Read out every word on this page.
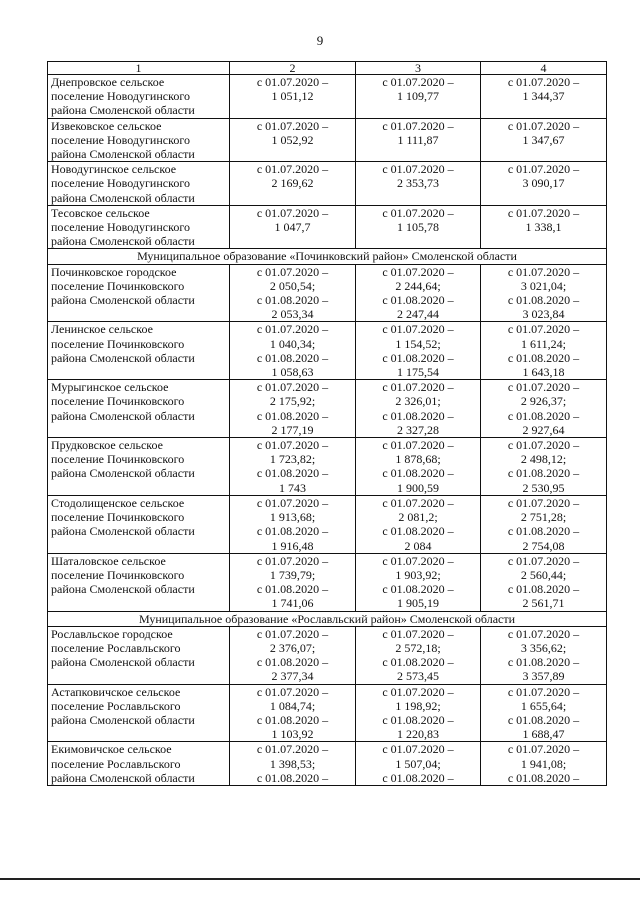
9
1	2	3	4

Днепровское сельское
поселение Новодугинского
района Смоленской области	с 01.07.2020 –
1 051,12	с 01.07.2020 –
1 109,77	с 01.07.2020 –
1 344,37

Извековское сельское
поселение Новодугинского
района Смоленской области	с 01.07.2020 –
1 052,92	с 01.07.2020 –
1 111,87	с 01.07.2020 –
1 347,67

Новодугинское сельское
поселение Новодугинского
района Смоленской области	с 01.07.2020 –
2 169,62	с 01.07.2020 –
2 353,73	с 01.07.2020 –
3 090,17

Тесовское сельское
поселение Новодугинского
района Смоленской области	с 01.07.2020 –
1 047,7	с 01.07.2020 –
1 105,78	с 01.07.2020 –
1 338,1

Муниципальное образование «Починковский район» Смоленской области			

Починковское городское
поселение Починковского
района Смоленской области	с 01.07.2020 –
2 050,54;
с 01.08.2020 –
2 053,34	с 01.07.2020 –
2 244,64;
с 01.08.2020 –
2 247,44	с 01.07.2020 –
3 021,04;
с 01.08.2020 –
3 023,84

Ленинское сельское
поселение Починковского
района Смоленской области	с 01.07.2020 –
1 040,34;
с 01.08.2020 –
1 058,63	с 01.07.2020 –
1 154,52;
с 01.08.2020 –
1 175,54	с 01.07.2020 –
1 611,24;
с 01.08.2020 –
1 643,18

Мурыгинское сельское
поселение Починковского
района Смоленской области	с 01.07.2020 –
2 175,92;
с 01.08.2020 –
2 177,19	с 01.07.2020 –
2 326,01;
с 01.08.2020 –
2 327,28	с 01.07.2020 –
2 926,37;
с 01.08.2020 –
2 927,64

Прудковское сельское
поселение Починковского
района Смоленской области	с 01.07.2020 –
1 723,82;
с 01.08.2020 –
1 743	с 01.07.2020 –
1 878,68;
с 01.08.2020 –
1 900,59	с 01.07.2020 –
2 498,12;
с 01.08.2020 –
2 530,95

Стодолищенское сельское
поселение Починковского
района Смоленской области	с 01.07.2020 –
1 913,68;
с 01.08.2020 –
1 916,48	с 01.07.2020 –
2 081,2;
с 01.08.2020 –
2 084	с 01.07.2020 –
2 751,28;
с 01.08.2020 –
2 754,08

Шаталовское сельское
поселение Починковского
района Смоленской области	с 01.07.2020 –
1 739,79;
с 01.08.2020 –
1 741,06	с 01.07.2020 –
1 903,92;
с 01.08.2020 –
1 905,19	с 01.07.2020 –
2 560,44;
с 01.08.2020 –
2 561,71

Муниципальное образование «Рославльский район» Смоленской области			

Рославльское городское
поселение Рославльского
района Смоленской области	с 01.07.2020 –
2 376,07;
с 01.08.2020 –
2 377,34	с 01.07.2020 –
2 572,18;
с 01.08.2020 –
2 573,45	с 01.07.2020 –
3 356,62;
с 01.08.2020 –
3 357,89

Астапковичское сельское
поселение Рославльского
района Смоленской области	с 01.07.2020 –
1 084,74;
с 01.08.2020 –
1 103,92	с 01.07.2020 –
1 198,92;
с 01.08.2020 –
1 220,83	с 01.07.2020 –
1 655,64;
с 01.08.2020 –
1 688,47

Екимовичское сельское
поселение Рославльского
района Смоленской области	с 01.07.2020 –
1 398,53;
с 01.08.2020 –	с 01.07.2020 –
1 507,04;
с 01.08.2020 –	с 01.07.2020 –
1 941,08;
с 01.08.2020 –
